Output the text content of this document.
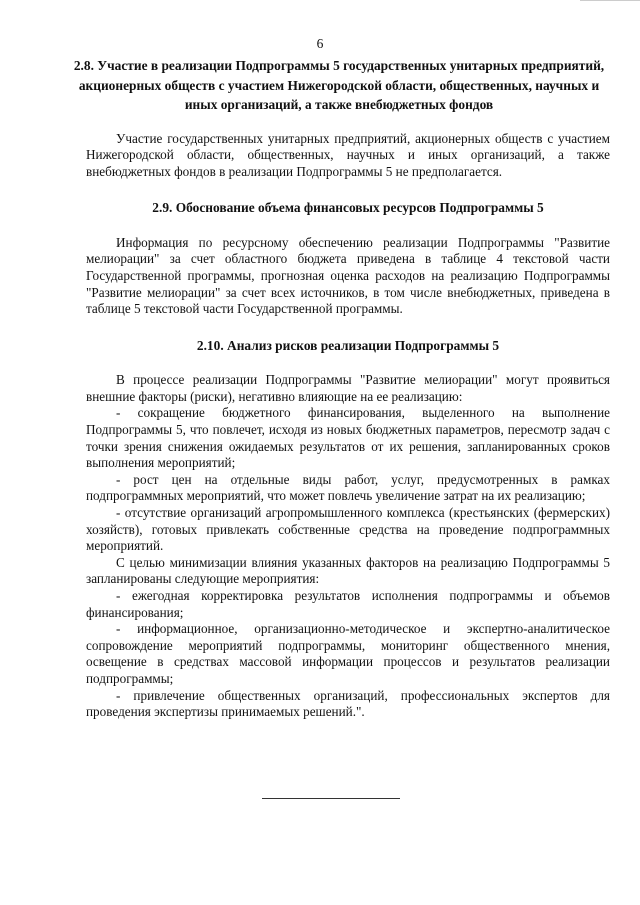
6
2.8. Участие в реализации Подпрограммы 5 государственных унитарных предприятий, акционерных обществ с участием Нижегородской области, общественных, научных и иных организаций, а также внебюджетных фондов

Участие государственных унитарных предприятий, акционерных обществ с участием Нижегородской области, общественных, научных и иных организаций, а также внебюджетных фондов в реализации Подпрограммы 5 не предполагается.

2.9. Обоснование объема финансовых ресурсов Подпрограммы 5

Информация по ресурсному обеспечению реализации Подпрограммы "Развитие мелиорации" за счет областного бюджета приведена в таблице 4 текстовой части Государственной программы, прогнозная оценка расходов на реализацию Подпрограммы "Развитие мелиорации" за счет всех источников, в том числе внебюджетных, приведена в таблице 5 текстовой части Государственной программы.

2.10. Анализ рисков реализации Подпрограммы 5

В процессе реализации Подпрограммы "Развитие мелиорации" могут проявиться внешние факторы (риски), негативно влияющие на ее реализацию:

- сокращение бюджетного финансирования, выделенного на выполнение Подпрограммы 5, что повлечет, исходя из новых бюджетных параметров, пересмотр задач с точки зрения снижения ожидаемых результатов от их решения, запланированных сроков выполнения мероприятий;

- рост цен на отдельные виды работ, услуг, предусмотренных в рамках подпрограммных мероприятий, что может повлечь увеличение затрат на их реализацию;

- отсутствие организаций агропромышленного комплекса (крестьянских (фермерских) хозяйств), готовых привлекать собственные средства на проведение подпрограммных мероприятий.

С целью минимизации влияния указанных факторов на реализацию Подпрограммы 5 запланированы следующие мероприятия:

- ежегодная корректировка результатов исполнения подпрограммы и объемов финансирования;

- информационное, организационно-методическое и экспертно-аналитическое сопровождение мероприятий подпрограммы, мониторинг общественного мнения, освещение в средствах массовой информации процессов и результатов реализации подпрограммы;

- привлечение общественных организаций, профессиональных экспертов для проведения экспертизы принимаемых решений.".
